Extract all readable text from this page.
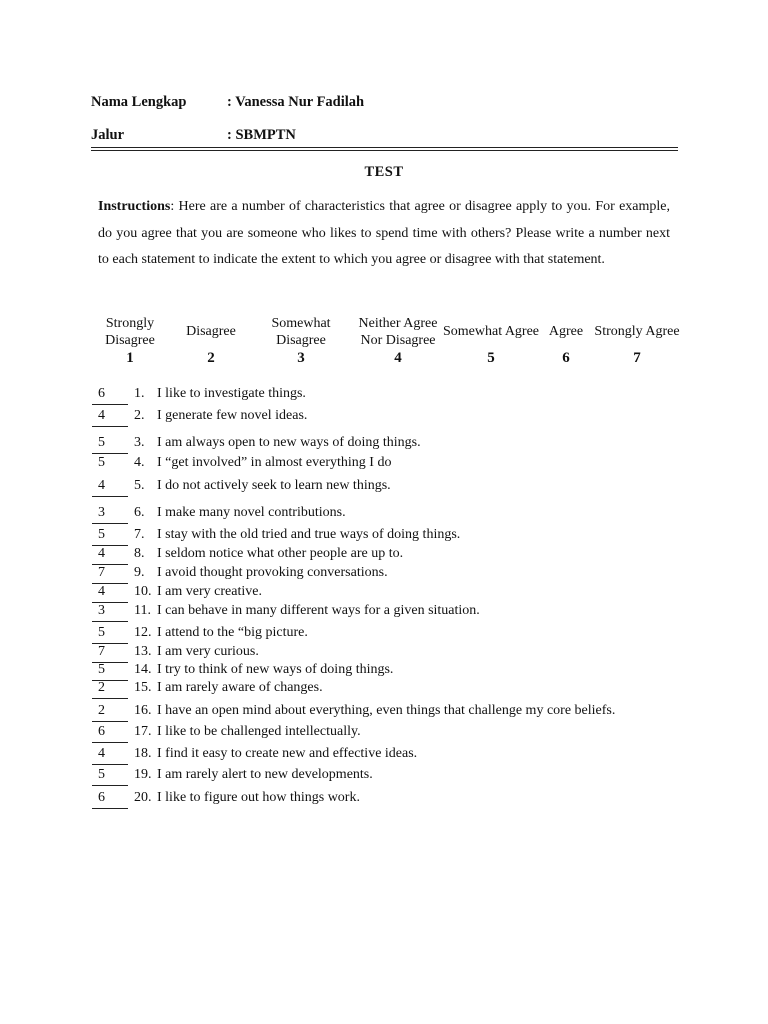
Nama Lengkap	: Vanessa Nur Fadilah
Jalur	: SBMPTN
TEST
Instructions: Here are a number of characteristics that agree or disagree apply to you. For example, do you agree that you are someone who likes to spend time with others? Please write a number next to each statement to indicate the extent to which you agree or disagree with that statement.
Strongly Disagree
1
Disagree
2
Somewhat Disagree
3
Neither Agree Nor Disagree
4
Somewhat Agree
5
Agree
6
Strongly Agree
7
6 1. I like to investigate things.
4 2. I generate few novel ideas.
5 3. I am always open to new ways of doing things.
5 4. I “get involved” in almost everything I do
4 5. I do not actively seek to learn new things.
3 6. I make many novel contributions.
5 7. I stay with the old tried and true ways of doing things.
4 8. I seldom notice what other people are up to.
7 9. I avoid thought provoking conversations.
4 10. I am very creative.
3 11. I can behave in many different ways for a given situation.
5 12. I attend to the “big picture.
7 13. I am very curious.
5 14. I try to think of new ways of doing things.
2 15. I am rarely aware of changes.
2 16. I have an open mind about everything, even things that challenge my core beliefs.
6 17. I like to be challenged intellectually.
4 18. I find it easy to create new and effective ideas.
5 19. I am rarely alert to new developments.
6 20. I like to figure out how things work.
